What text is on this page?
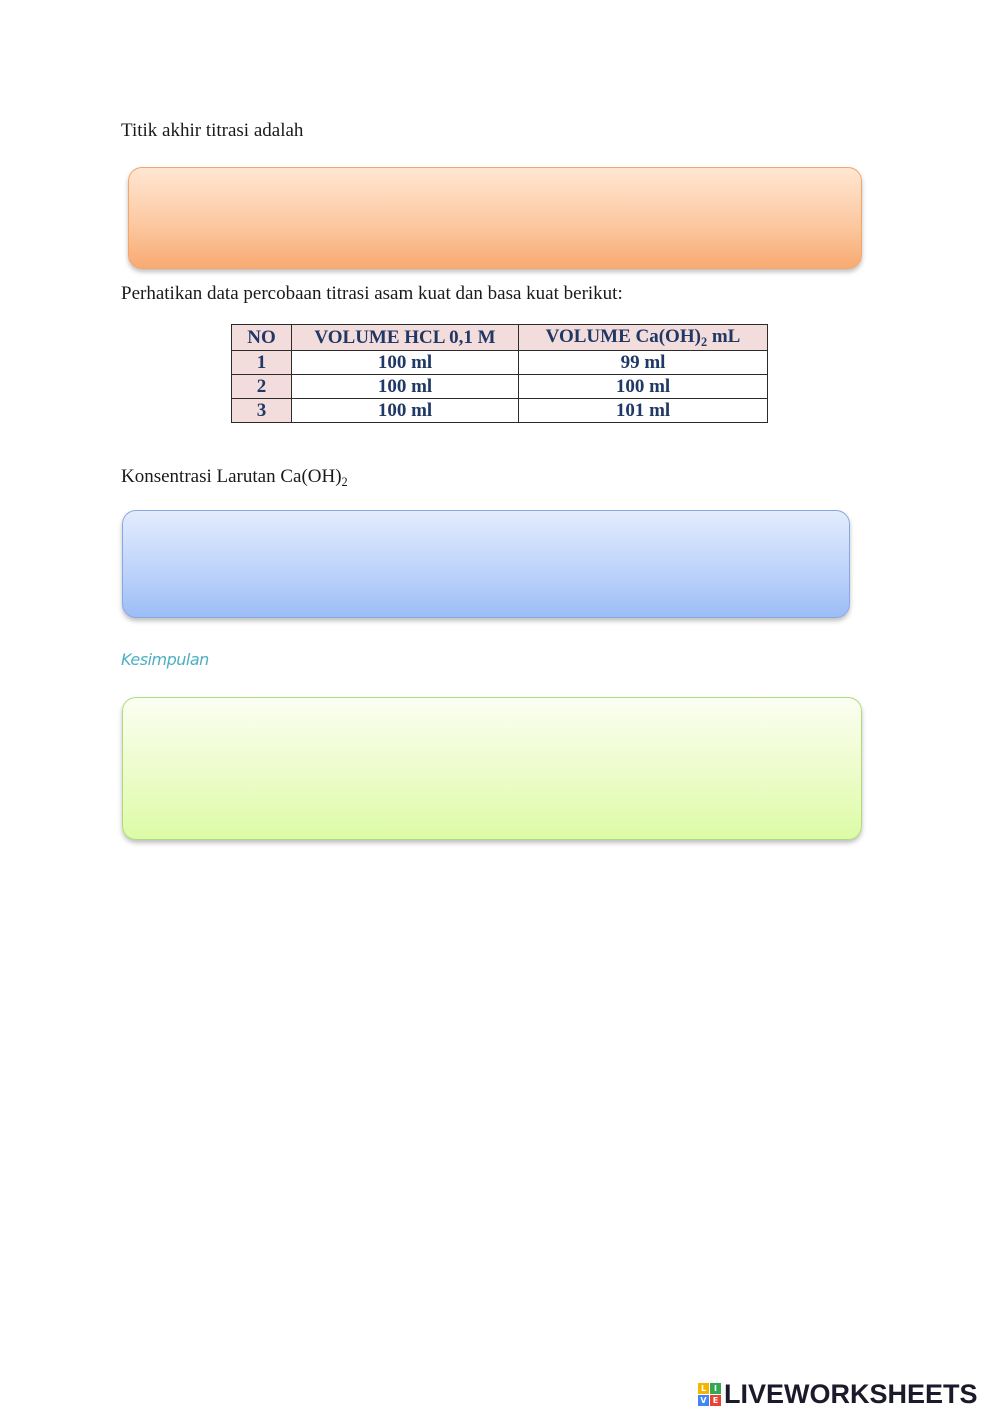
Titik akhir titrasi adalah

Perhatikan data percobaan titrasi asam kuat dan basa kuat berikut:

NO	VOLUME HCL 0,1 M	VOLUME $Ca(OH)_2$ mL
1	100 ml	99 ml
2	100 ml	100 ml
3	100 ml	101 ml

Konsentrasi Larutan $Ca(OH)_2$

Kesimpulan

L I
V E LIVEWORKSHEETS
